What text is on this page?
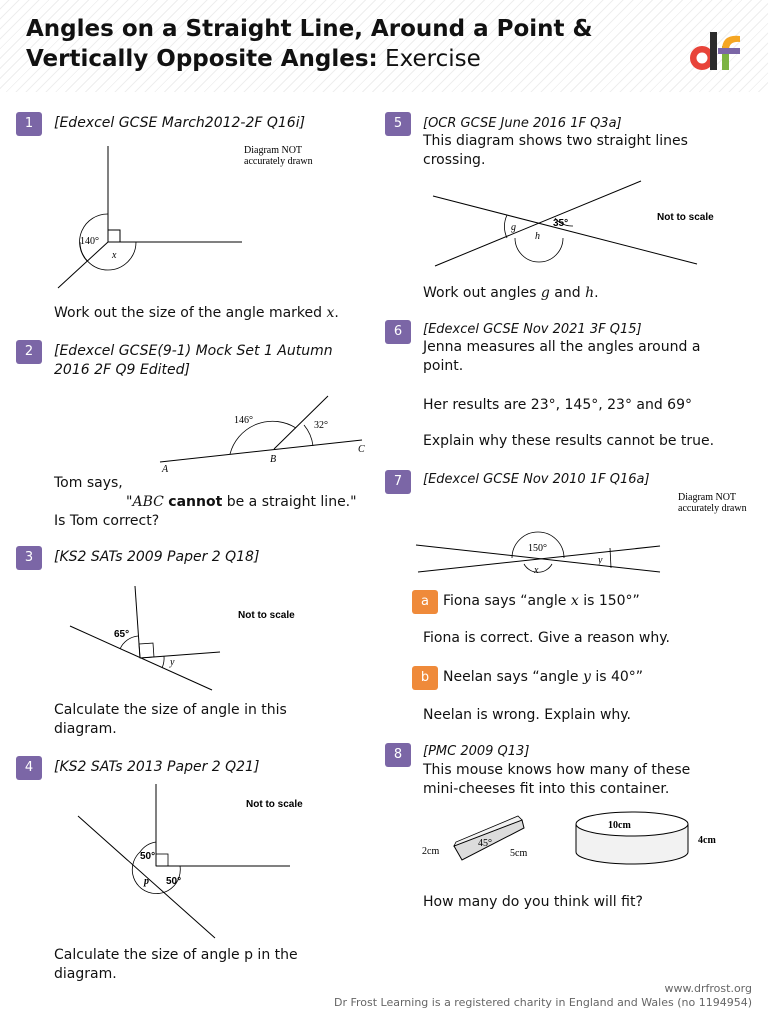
Angles on a Straight Line, Around a Point &
Vertically Opposite Angles: Exercise
1	[Edexcel GCSE March2012-2F Q16i]
140°
x
Diagram NOT
accurately drawn
Work out the size of the angle marked x.
2	[Edexcel GCSE(9-1) Mock Set 1 Autumn
2016 2F Q9 Edited]
146°	32°
A
B
C
Tom says,
"ABC cannot be a straight line."
Is Tom correct?
3	[KS2 SATs 2009 Paper 2 Q18]
65°
y
Not to scale
Calculate the size of angle in this
diagram.
4	[KS2 SATs 2013 Paper 2 Q21]
50°
50°
p
Not to scale
Calculate the size of angle p in the
diagram.
5	[OCR GCSE June 2016 1F Q3a]
This diagram shows two straight lines
crossing.
g
h
35°
Not to scale
Work out angles g and h.
6	[Edexcel GCSE Nov 2021 3F Q15]
Jenna measures all the angles around a
point.
Her results are 23°, 145°, 23° and 69°
Explain why these results cannot be true.
7	[Edexcel GCSE Nov 2010 1F Q16a]
Diagram NOT
accurately drawn
150°
x
y
a	Fiona says “angle x is 150°”
Fiona is correct. Give a reason why.
b Neelan says “angle y is 40°”
Neelan is wrong. Explain why.
8	[PMC 2009 Q13]
This mouse knows how many of these
mini-cheeses fit into this container.
2cm
45°
5cm
10cm
4cm
How many do you think will fit?
www.drfrost.org
Dr Frost Learning is a registered charity in England and Wales (no 1194954)
